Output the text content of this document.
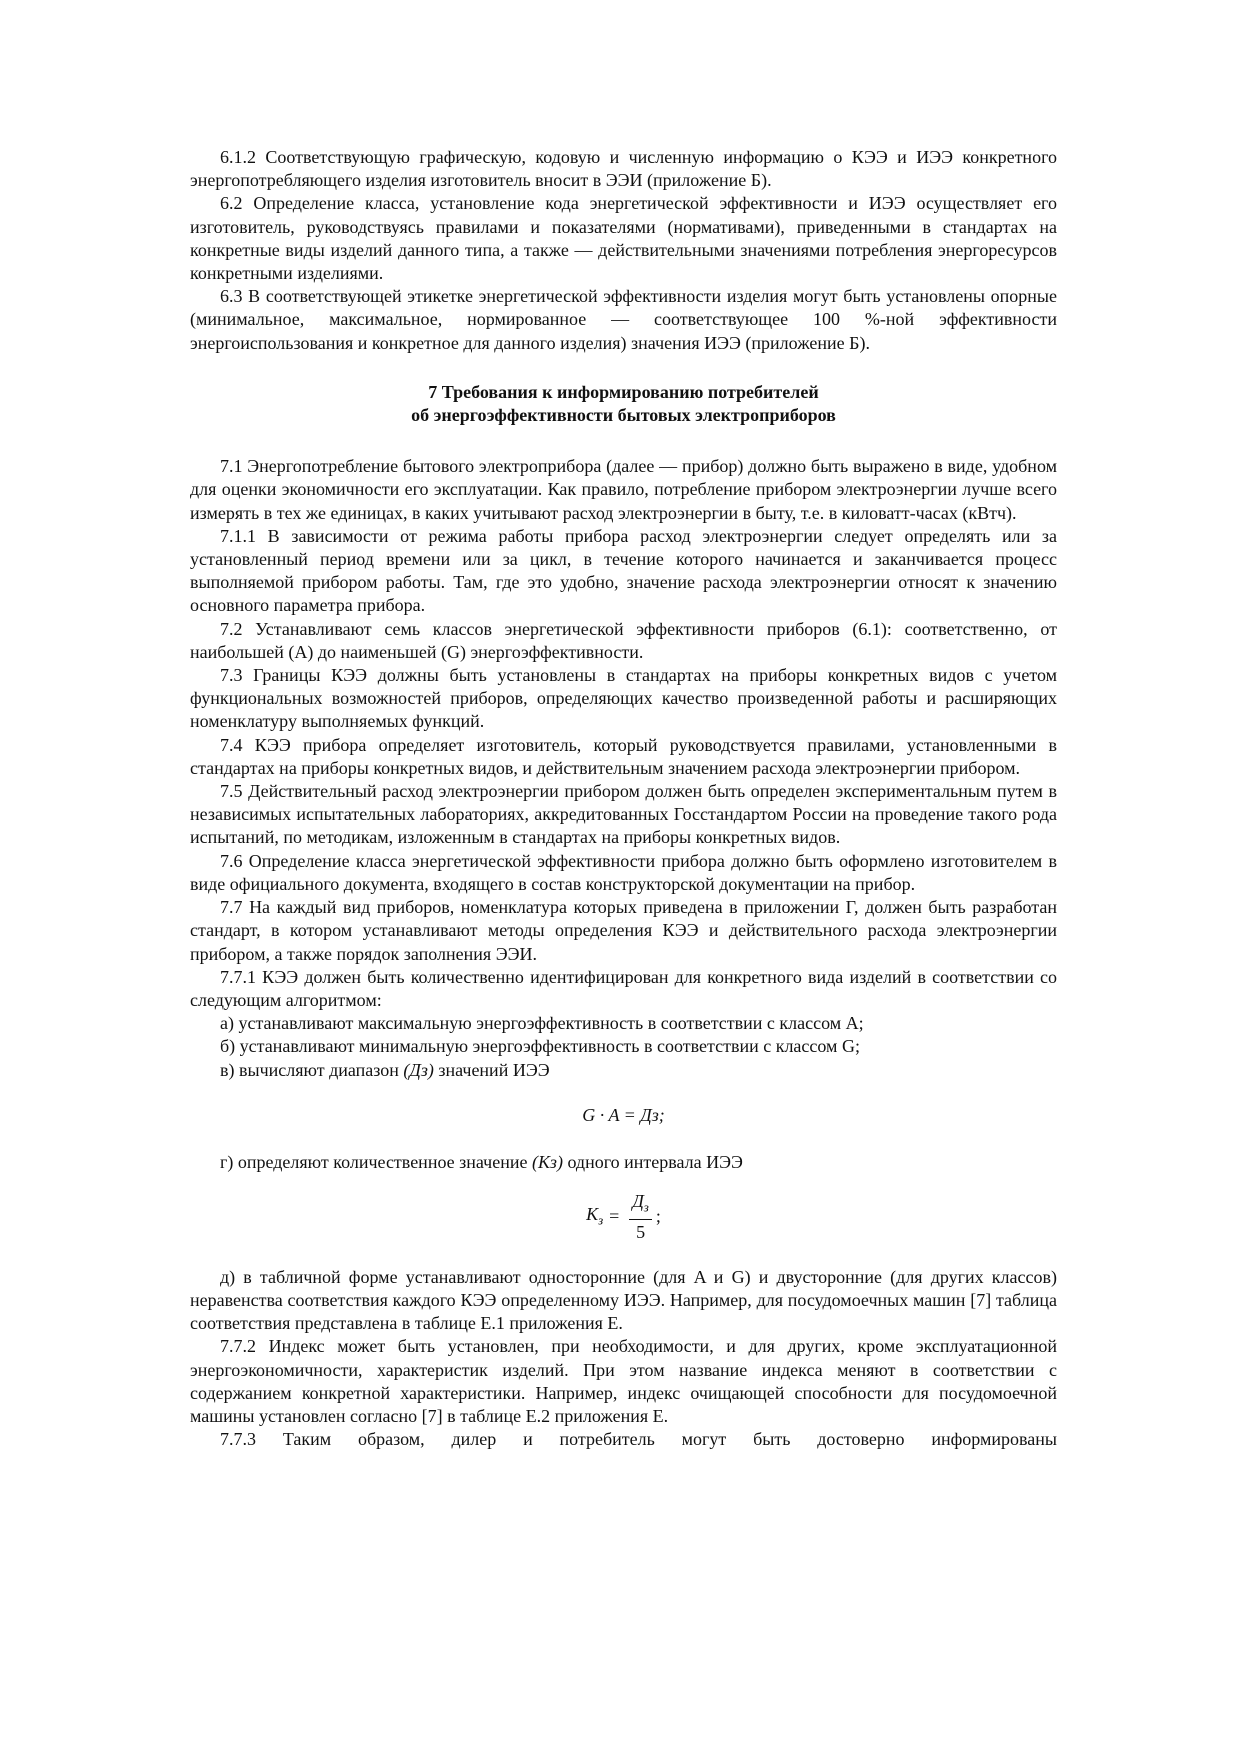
6.1.2 Соответствующую графическую, кодовую и численную информацию о КЭЭ и ИЭЭ конкретного энергопотребляющего изделия изготовитель вносит в ЭЭИ (приложение Б).

6.2 Определение класса, установление кода энергетической эффективности и ИЭЭ осуществляет его изготовитель, руководствуясь правилами и показателями (нормативами), приведенными в стандартах на конкретные виды изделий данного типа, а также — действительными значениями потребления энергоресурсов конкретными изделиями.

6.3 В соответствующей этикетке энергетической эффективности изделия могут быть установлены опорные (минимальное, максимальное, нормированное — соответствующее 100 %-ной эффективности энергоиспользования и конкретное для данного изделия) значения ИЭЭ (приложение Б).

7 Требования к информированию потребителей
об энергоэффективности бытовых электроприборов

7.1 Энергопотребление бытового электроприбора (далее — прибор) должно быть выражено в виде, удобном для оценки экономичности его эксплуатации. Как правило, потребление прибором электроэнергии лучше всего измерять в тех же единицах, в каких учитывают расход электроэнергии в быту, т.е. в киловатт-часах (кВтч).

7.1.1 В зависимости от режима работы прибора расход электроэнергии следует определять или за установленный период времени или за цикл, в течение которого начинается и заканчивается процесс выполняемой прибором работы. Там, где это удобно, значение расхода электроэнергии относят к значению основного параметра прибора.

7.2 Устанавливают семь классов энергетической эффективности приборов (6.1): соответственно, от наибольшей (A) до наименьшей (G) энергоэффективности.

7.3 Границы КЭЭ должны быть установлены в стандартах на приборы конкретных видов с учетом функциональных возможностей приборов, определяющих качество произведенной работы и расширяющих номенклатуру выполняемых функций.

7.4 КЭЭ прибора определяет изготовитель, который руководствуется правилами, установленными в стандартах на приборы конкретных видов, и действительным значением расхода электроэнергии прибором.

7.5 Действительный расход электроэнергии прибором должен быть определен экспериментальным путем в независимых испытательных лабораториях, аккредитованных Госстандартом России на проведение такого рода испытаний, по методикам, изложенным в стандартах на приборы конкретных видов.

7.6 Определение класса энергетической эффективности прибора должно быть оформлено изготовителем в виде официального документа, входящего в состав конструкторской документации на прибор.

7.7 На каждый вид приборов, номенклатура которых приведена в приложении Г, должен быть разработан стандарт, в котором устанавливают методы определения КЭЭ и действительного расхода электроэнергии прибором, а также порядок заполнения ЭЭИ.

7.7.1 КЭЭ должен быть количественно идентифицирован для конкретного вида изделий в соответствии со следующим алгоритмом:

а) устанавливают максимальную энергоэффективность в соответствии с классом A;

б) устанавливают минимальную энергоэффективность в соответствии с классом G;

в) вычисляют диапазон (Дз) значений ИЭЭ

G · A = Дз;

г) определяют количественное значение (Кз) одного интервала ИЭЭ

$К_з = \frac{Д_з}{5}$ ;

д) в табличной форме устанавливают односторонние (для A и G) и двусторонние (для других классов) неравенства соответствия каждого КЭЭ определенному ИЭЭ. Например, для посудомоечных машин [7] таблица соответствия представлена в таблице Е.1 приложения Е.

7.7.2 Индекс может быть установлен, при необходимости, и для других, кроме эксплуатационной энергоэкономичности, характеристик изделий. При этом название индекса меняют в соответствии с содержанием конкретной характеристики. Например, индекс очищающей способности для посудомоечной машины установлен согласно [7] в таблице Е.2 приложения Е.

7.7.3 Таким образом, дилер и потребитель могут быть достоверно информированы
